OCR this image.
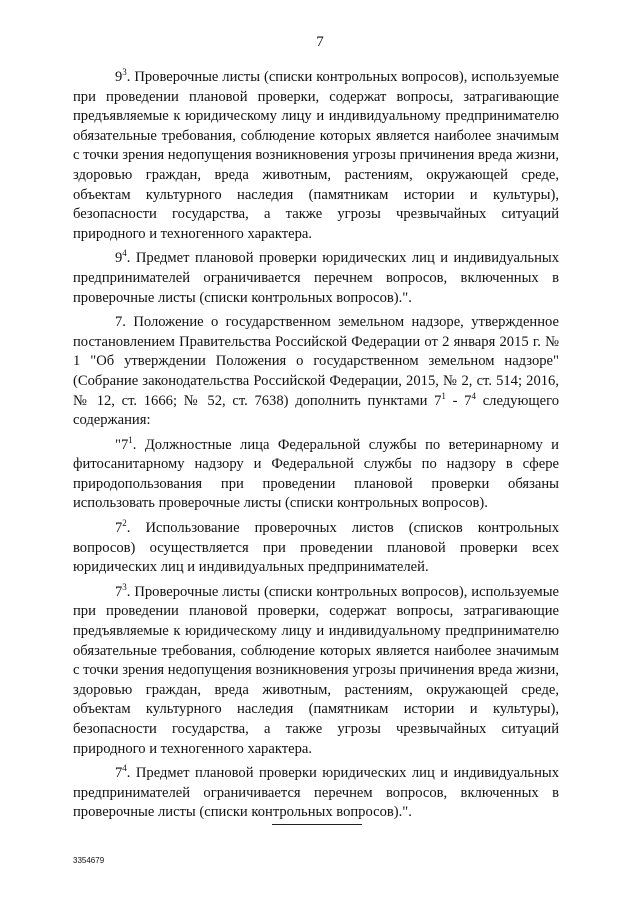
7

$9^3$. Проверочные листы (списки контрольных вопросов), используемые при проведении плановой проверки, содержат вопросы, затрагивающие предъявляемые к юридическому лицу и индивидуальному предпринимателю обязательные требования, соблюдение которых является наиболее значимым с точки зрения недопущения возникновения угрозы причинения вреда жизни, здоровью граждан, вреда животным, растениям, окружающей среде, объектам культурного наследия (памятникам истории и культуры), безопасности государства, а также угрозы чрезвычайных ситуаций природного и техногенного характера.

$9^4$. Предмет плановой проверки юридических лиц и индивидуальных предпринимателей ограничивается перечнем вопросов, включенных в проверочные листы (списки контрольных вопросов).".

7. Положение о государственном земельном надзоре, утвержденное постановлением Правительства Российской Федерации от 2 января 2015 г. № 1 "Об утверждении Положения о государственном земельном надзоре" (Собрание законодательства Российской Федерации, 2015, № 2, ст. 514; 2016, № 12, ст. 1666; № 52, ст. 7638) дополнить пунктами $7^1 - 7^4$ следующего содержания:

"$7^1$. Должностные лица Федеральной службы по ветеринарному и фитосанитарному надзору и Федеральной службы по надзору в сфере природопользования при проведении плановой проверки обязаны использовать проверочные листы (списки контрольных вопросов).

$7^2$. Использование проверочных листов (списков контрольных вопросов) осуществляется при проведении плановой проверки всех юридических лиц и индивидуальных предпринимателей.

$7^3$. Проверочные листы (списки контрольных вопросов), используемые при проведении плановой проверки, содержат вопросы, затрагивающие предъявляемые к юридическому лицу и индивидуальному предпринимателю обязательные требования, соблюдение которых является наиболее значимым с точки зрения недопущения возникновения угрозы причинения вреда жизни, здоровью граждан, вреда животным, растениям, окружающей среде, объектам культурного наследия (памятникам истории и культуры), безопасности государства, а также угрозы чрезвычайных ситуаций природного и техногенного характера.

$7^4$. Предмет плановой проверки юридических лиц и индивидуальных предпринимателей ограничивается перечнем вопросов, включенных в проверочные листы (списки контрольных вопросов).".

3354679
